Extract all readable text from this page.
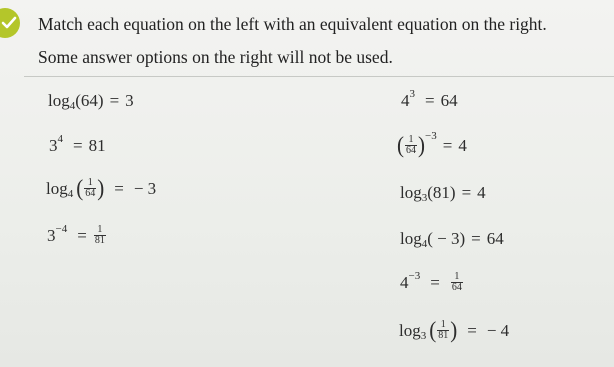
Match each equation on the left with an equivalent equation on the right.
Some answer options on the right will not be used.
log 4 (64) = 3
3 4 = 81
log 4 ( $\frac{1}{64}$ ) = − 3
$3 -4 = \frac{1}{81}$
4 3 = 64
( $\frac{1}{64}$ ) −3 = 4
log 3 (81) = 4
log 4 ( − 3) = 64
$4 -3 = \frac{1}{64}$
log 3 ( $\frac{1}{81}$ ) = − 4
